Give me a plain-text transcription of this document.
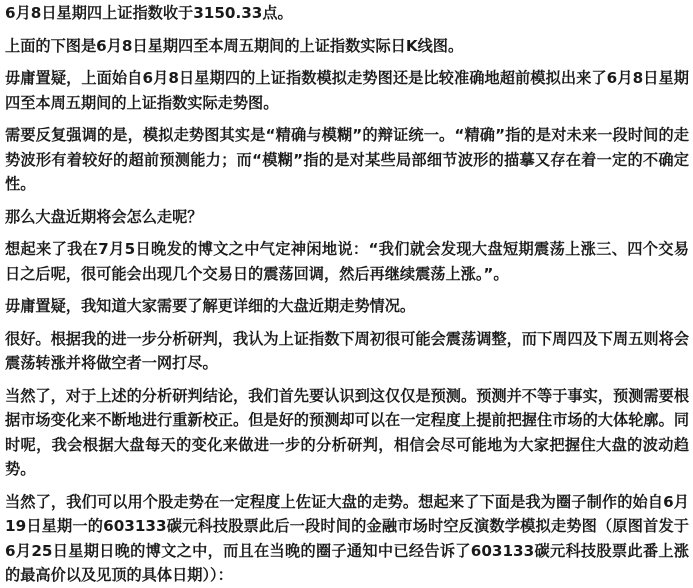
6月8日星期四上证指数收于3150.33点。

上面的下图是6月8日星期四至本周五期间的上证指数实际日K线图。

毋庸置疑，上面始自6月8日星期四的上证指数模拟走势图还是比较准确地超前模拟出来了6月8日星期四至本周五期间的上证指数实际走势图。

需要反复强调的是，模拟走势图其实是“精确与模糊”的辩证统一。“精确”指的是对未来一段时间的走势波形有着较好的超前预测能力；而“模糊”指的是对某些局部细节波形的描摹又存在着一定的不确定性。

那么大盘近期将会怎么走呢？

想起来了我在7月5日晚发的博文之中气定神闲地说：“我们就会发现大盘短期震荡上涨三、四个交易日之后呢，很可能会出现几个交易日的震荡回调，然后再继续震荡上涨。”。

毋庸置疑，我知道大家需要了解更详细的大盘近期走势情况。

很好。根据我的进一步分析研判，我认为上证指数下周初很可能会震荡调整，而下周四及下周五则将会震荡转涨并将做空者一网打尽。

当然了，对于上述的分析研判结论，我们首先要认识到这仅仅是预测。预测并不等于事实，预测需要根据市场变化来不断地进行重新校正。但是好的预测却可以在一定程度上提前把握住市场的大体轮廓。同时呢，我会根据大盘每天的变化来做进一步的分析研判，相信会尽可能地为大家把握住大盘的波动趋势。

当然了，我们可以用个股走势在一定程度上佐证大盘的走势。想起来了下面是我为圈子制作的始自6月19日星期一的603133碳元科技股票此后一段时间的金融市场时空反演数学模拟走势图（原图首发于6月25日星期日晚的博文之中，而且在当晚的圈子通知中已经告诉了603133碳元科技股票此番上涨的最高价以及见顶的具体日期））：
